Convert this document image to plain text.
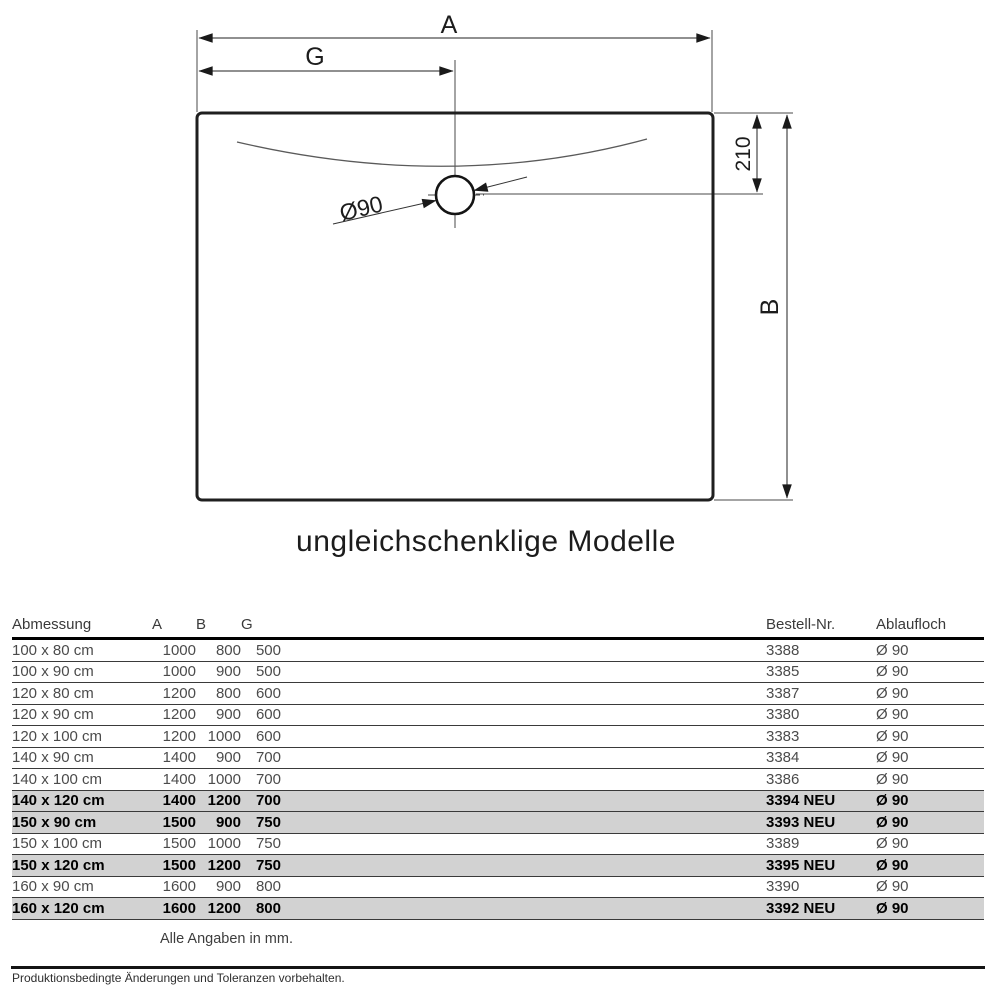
A
G
Ø90
210
B
ungleichschenklige Modelle
Abmessung	A	B	G		Bestell-Nr.	Ablaufloch
100 x 80 cm	1000	800	500		3388	Ø 90
100 x 90 cm	1000	900	500		3385	Ø 90
120 x 80 cm	1200	800	600		3387	Ø 90
120 x 90 cm	1200	900	600		3380	Ø 90
120 x 100 cm	1200	1000	600		3383	Ø 90
140 x 90 cm	1400	900	700		3384	Ø 90
140 x 100 cm	1400	1000	700		3386	Ø 90
140 x 120 cm	1400	1200	700		3394 NEU	Ø 90
150 x 90 cm	1500	900	750		3393 NEU	Ø 90
150 x 100 cm	1500	1000	750		3389	Ø 90
150 x 120 cm	1500	1200	750		3395 NEU	Ø 90
160 x 90 cm	1600	900	800		3390	Ø 90
160 x 120 cm	1600	1200	800		3392 NEU	Ø 90
Alle Angaben in mm.
Produktionsbedingte Änderungen und Toleranzen vorbehalten.
